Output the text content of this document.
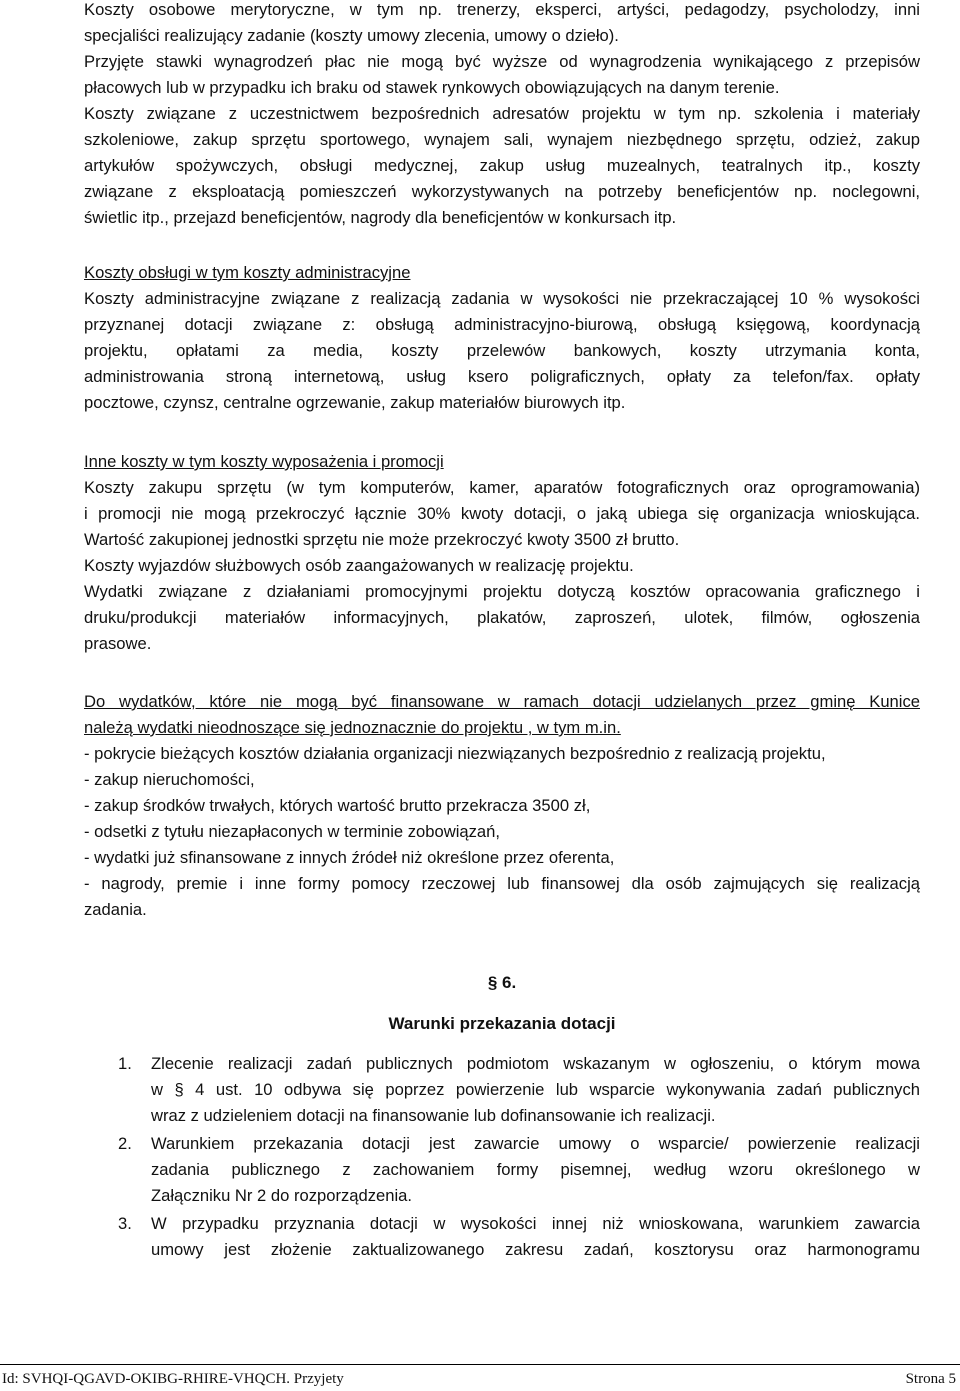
Koszty osobowe merytoryczne, w tym np. trenerzy, eksperci, artyści, pedagodzy, psycholodzy, inni

specjaliści realizujący zadanie (koszty umowy zlecenia, umowy o dzieło).

Przyjęte stawki wynagrodzeń płac nie mogą być wyższe od wynagrodzenia wynikającego z przepisów

płacowych lub w przypadku ich braku od stawek rynkowych obowiązujących na danym terenie.

Koszty związane z uczestnictwem bezpośrednich adresatów projektu w tym np. szkolenia i materiały

szkoleniowe, zakup sprzętu sportowego, wynajem sali, wynajem niezbędnego sprzętu, odzież, zakup

artykułów spożywczych, obsługi medycznej, zakup usług muzealnych, teatralnych itp., koszty

związane z eksploatacją pomieszczeń wykorzystywanych na potrzeby beneficjentów np. noclegowni,

świetlic itp., przejazd beneficjentów, nagrody dla beneficjentów w konkursach itp.

Koszty obsługi w tym koszty administracyjne

Koszty administracyjne związane z realizacją zadania w wysokości nie przekraczającej 10 % wysokości

przyznanej dotacji związane z: obsługą administracyjno-biurową, obsługą księgową, koordynacją

projektu, opłatami za media, koszty przelewów bankowych, koszty utrzymania konta,

administrowania stroną internetową, usług ksero poligraficznych, opłaty za telefon/fax. opłaty

pocztowe, czynsz, centralne ogrzewanie, zakup materiałów biurowych itp.

Inne koszty w tym koszty wyposażenia i promocji

Koszty zakupu sprzętu (w tym komputerów, kamer, aparatów fotograficznych oraz oprogramowania)

i promocji nie mogą przekroczyć łącznie 30% kwoty dotacji, o jaką ubiega się organizacja wnioskująca.

Wartość zakupionej jednostki sprzętu nie może przekroczyć kwoty 3500 zł brutto.

Koszty wyjazdów służbowych osób zaangażowanych w realizację projektu.

Wydatki związane z działaniami promocyjnymi projektu dotyczą kosztów opracowania graficznego i

druku/produkcji materiałów informacyjnych, plakatów, zaproszeń, ulotek, filmów, ogłoszenia

prasowe.

Do wydatków, które nie mogą być finansowane w ramach dotacji udzielanych przez gminę Kunice

należą wydatki nieodnoszące się jednoznacznie do projektu , w tym m.in.

- pokrycie bieżących kosztów działania organizacji niezwiązanych bezpośrednio z realizacją projektu,

- zakup nieruchomości,

- zakup środków trwałych, których wartość brutto przekracza 3500 zł,

- odsetki z tytułu niezapłaconych w terminie zobowiązań,

- wydatki już sfinansowane z innych źródeł niż określone przez oferenta,

- nagrody, premie i inne formy pomocy rzeczowej lub finansowej dla osób zajmujących się realizacją

zadania.

§ 6.
Warunki przekazania dotacji
1.	Zlecenie realizacji zadań publicznych podmiotom wskazanym w ogłoszeniu, o którym mowa

w § 4 ust. 10 odbywa się poprzez powierzenie lub wsparcie wykonywania zadań publicznych

wraz z udzieleniem dotacji na finansowanie lub dofinansowanie ich realizacji.

2.	Warunkiem przekazania dotacji jest zawarcie umowy o wsparcie/ powierzenie realizacji

zadania publicznego z zachowaniem formy pisemnej, według wzoru określonego w

Załączniku Nr 2 do rozporządzenia.

3.	W przypadku przyznania dotacji w wysokości innej niż wnioskowana, warunkiem zawarcia

umowy jest złożenie zaktualizowanego zakresu zadań, kosztorysu oraz harmonogramu

Id: SVHQI-QGAVD-OKIBG-RHIRE-VHQCH. Przyjety	Strona 5
